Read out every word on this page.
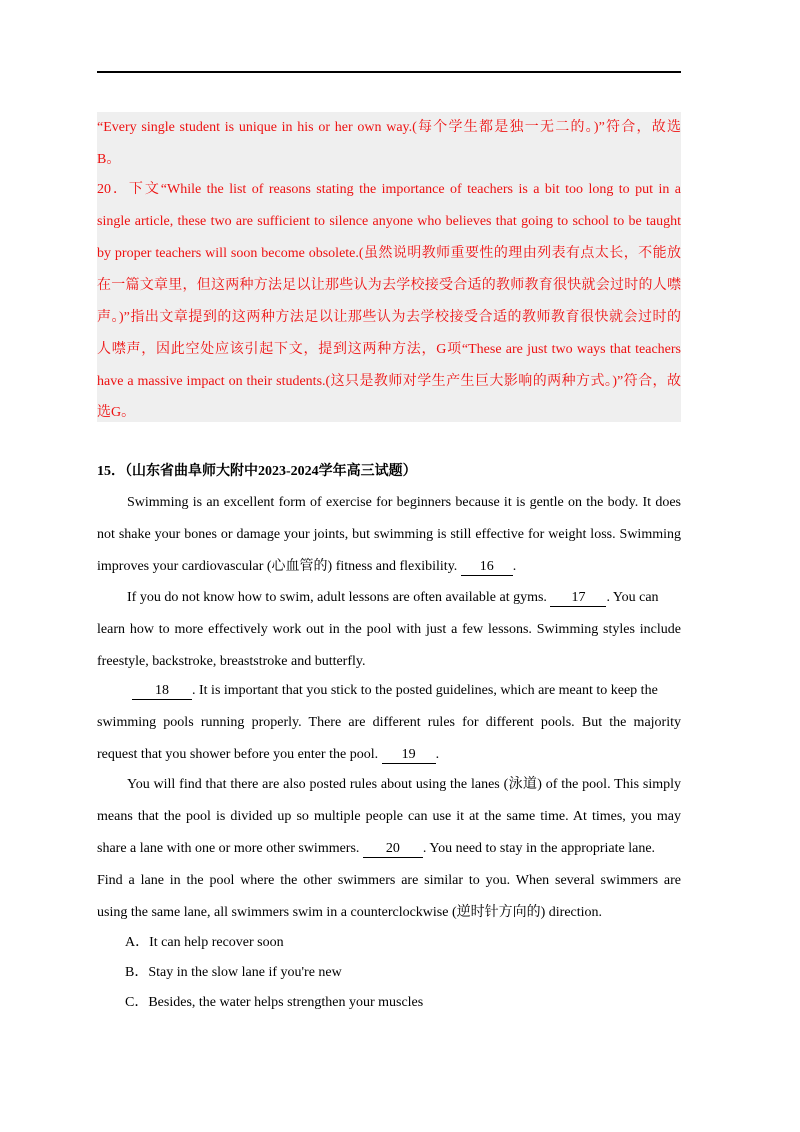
“Every single student is unique in his or her own way.(每个学生都是独一无二的。)”符合，故选
B。
20．下文“While the list of reasons stating the importance of teachers is a bit too long to put in a
single article, these two are sufficient to silence anyone who believes that going to school to be taught
by proper teachers will soon become obsolete.(虽然说明教师重要性的理由列表有点太长，不能放
在一篇文章里，但这两种方法足以让那些认为去学校接受合适的教师教育很快就会过时的人噤
声。)”指出文章提到的这两种方法足以让那些认为去学校接受合适的教师教育很快就会过时的
人噤声，因此空处应该引起下文，提到这两种方法，G项“These are just two ways that teachers
have a massive impact on their students.(这只是教师对学生产生巨大影响的两种方式。)”符合，故
选G。
15．（山东省曲阜师大附中2023-2024学年高三试题）
Swimming is an excellent form of exercise for beginners because it is gentle on the body. It does
not shake your bones or damage your joints, but swimming is still effective for weight loss. Swimming
improves your cardiovascular (心血管的) fitness and flexibility. 16 .
If you do not know how to swim, adult lessons are often available at gyms. 17 . You can
learn how to more effectively work out in the pool with just a few lessons. Swimming styles include
freestyle, backstroke, breaststroke and butterfly.
18 . It is important that you stick to the posted guidelines, which are meant to keep the
swimming pools running properly. There are different rules for different pools. But the majority
request that you shower before you enter the pool. 19 .
You will find that there are also posted rules about using the lanes (泳道) of the pool. This simply
means that the pool is divided up so multiple people can use it at the same time. At times, you may
share a lane with one or more other swimmers. 20 . You need to stay in the appropriate lane.
Find a lane in the pool where the other swimmers are similar to you. When several swimmers are
using the same lane, all swimmers swim in a counterclockwise (逆时针方向的) direction.
A．It can help recover soon
B．Stay in the slow lane if you're new
C．Besides, the water helps strengthen your muscles
